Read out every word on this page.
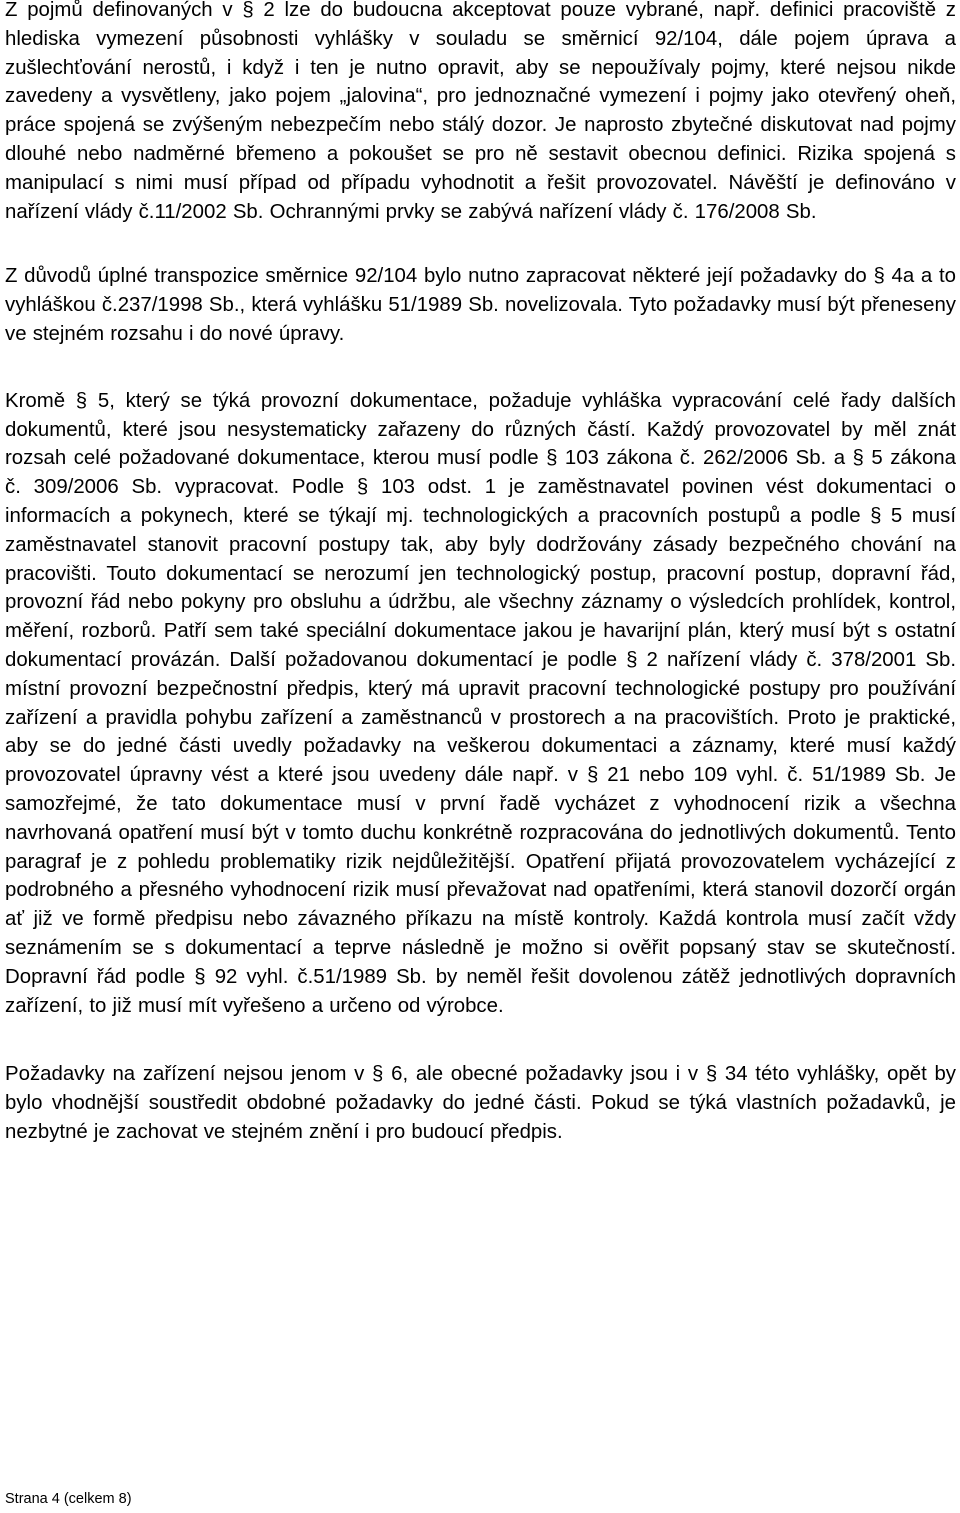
Z pojmů definovaných v § 2 lze do budoucna akceptovat pouze vybrané, např. definici pracoviště z hlediska vymezení působnosti vyhlášky v souladu se směrnicí 92/104, dále pojem úprava a zušlechťování nerostů, i když i ten je nutno opravit, aby se nepoužívaly pojmy, které nejsou nikde zavedeny a vysvětleny, jako pojem „jalovina“, pro jednoznačné vymezení i pojmy jako otevřený oheň, práce spojená se zvýšeným nebezpečím nebo stálý dozor. Je naprosto zbytečné diskutovat nad pojmy dlouhé nebo nadměrné břemeno a pokoušet se pro ně sestavit obecnou definici. Rizika spojená s manipulací s nimi musí případ od případu vyhodnotit a řešit provozovatel. Návěští je definováno v nařízení vlády č.11/2002 Sb. Ochrannými prvky se zabývá nařízení vlády č. 176/2008 Sb.

Z důvodů úplné transpozice směrnice 92/104 bylo nutno zapracovat některé její požadavky do § 4a a to vyhláškou č.237/1998 Sb., která vyhlášku 51/1989 Sb. novelizovala. Tyto požadavky musí být přeneseny ve stejném rozsahu i do nové úpravy.

Kromě § 5, který se týká provozní dokumentace, požaduje vyhláška vypracování celé řady dalších dokumentů, které jsou nesystematicky zařazeny do různých částí. Každý provozovatel by měl znát rozsah celé požadované dokumentace, kterou musí podle § 103 zákona č. 262/2006 Sb. a § 5 zákona č. 309/2006 Sb. vypracovat. Podle § 103 odst. 1 je zaměstnavatel povinen vést dokumentaci o informacích a pokynech, které se týkají mj. technologických a pracovních postupů a podle § 5 musí zaměstnavatel stanovit pracovní postupy tak, aby byly dodržovány zásady bezpečného chování na pracovišti. Touto dokumentací se nerozumí jen technologický postup, pracovní postup, dopravní řád, provozní řád nebo pokyny pro obsluhu a údržbu, ale všechny záznamy o výsledcích prohlídek, kontrol, měření, rozborů. Patří sem také speciální dokumentace jakou je havarijní plán, který musí být s ostatní dokumentací provázán. Další požadovanou dokumentací je podle § 2 nařízení vlády č. 378/2001 Sb. místní provozní bezpečnostní předpis, který má upravit pracovní technologické postupy pro používání zařízení a pravidla pohybu zařízení a zaměstnanců v prostorech a na pracovištích. Proto je praktické, aby se do jedné části uvedly požadavky na veškerou dokumentaci a záznamy, které musí každý provozovatel úpravny vést a které jsou uvedeny dále např. v § 21 nebo 109 vyhl. č. 51/1989 Sb. Je samozřejmé, že tato dokumentace musí v první řadě vycházet z vyhodnocení rizik a všechna navrhovaná opatření musí být v tomto duchu konkrétně rozpracována do jednotlivých dokumentů. Tento paragraf je z pohledu problematiky rizik nejdůležitější. Opatření přijatá provozovatelem vycházející z podrobného a přesného vyhodnocení rizik musí převažovat nad opatřeními, která stanovil dozorčí orgán ať již ve formě předpisu nebo závazného příkazu na místě kontroly. Každá kontrola musí začít vždy seznámením se s dokumentací a teprve následně je možno si ověřit popsaný stav se skutečností. Dopravní řád podle § 92 vyhl. č.51/1989 Sb. by neměl řešit dovolenou zátěž jednotlivých dopravních zařízení, to již musí mít vyřešeno a určeno od výrobce.

Požadavky na zařízení nejsou jenom v § 6, ale obecné požadavky jsou i v § 34 této vyhlášky, opět by bylo vhodnější soustředit obdobné požadavky do jedné části. Pokud se týká vlastních požadavků, je nezbytné je zachovat ve stejném znění i pro budoucí předpis.

Strana 4 (celkem 8)
